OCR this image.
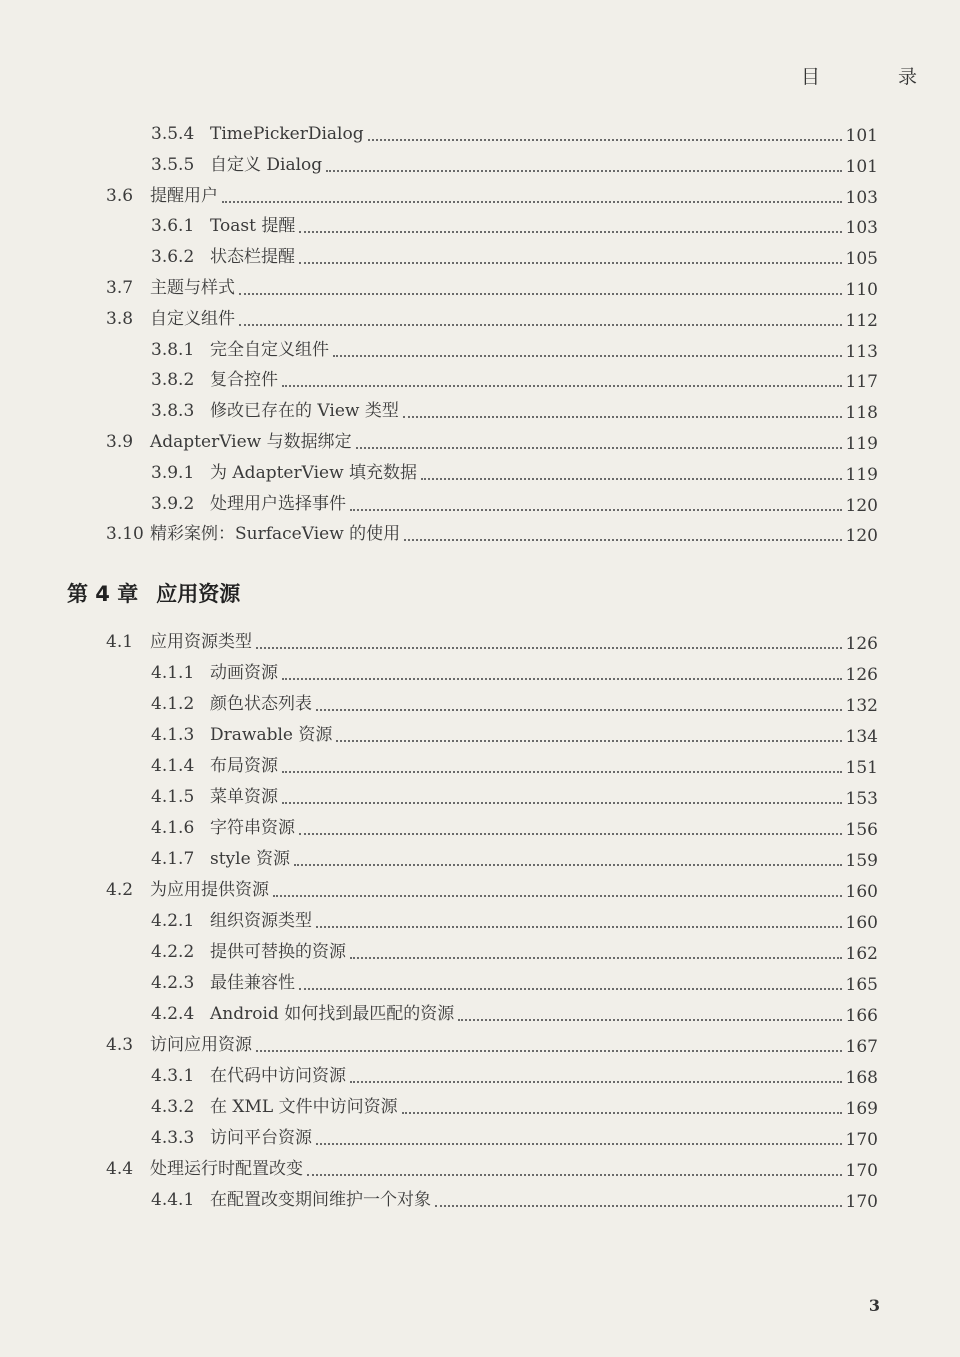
目 录
3.5.4 TimePickerDialog	101
3.5.5 自定义 Dialog	101
3.6 提醒用户	103
3.6.1 Toast 提醒	103
3.6.2 状态栏提醒	105
3.7 主题与样式	110
3.8 自定义组件	112
3.8.1 完全自定义组件	113
3.8.2 复合控件	117
3.8.3 修改已存在的 View 类型	118
3.9 AdapterView 与数据绑定	119
3.9.1 为 AdapterView 填充数据	119
3.9.2 处理用户选择事件	120
3.10 精彩案例：SurfaceView 的使用	120
第 4 章 应用资源
4.1 应用资源类型	126
4.1.1 动画资源	126
4.1.2 颜色状态列表	132
4.1.3 Drawable 资源	134
4.1.4 布局资源	151
4.1.5 菜单资源	153
4.1.6 字符串资源	156
4.1.7 style 资源	159
4.2 为应用提供资源	160
4.2.1 组织资源类型	160
4.2.2 提供可替换的资源	162
4.2.3 最佳兼容性	165
4.2.4 Android 如何找到最匹配的资源	166
4.3 访问应用资源	167
4.3.1 在代码中访问资源	168
4.3.2 在 XML 文件中访问资源	169
4.3.3 访问平台资源	170
4.4 处理运行时配置改变	170
4.4.1 在配置改变期间维护一个对象	170
3
